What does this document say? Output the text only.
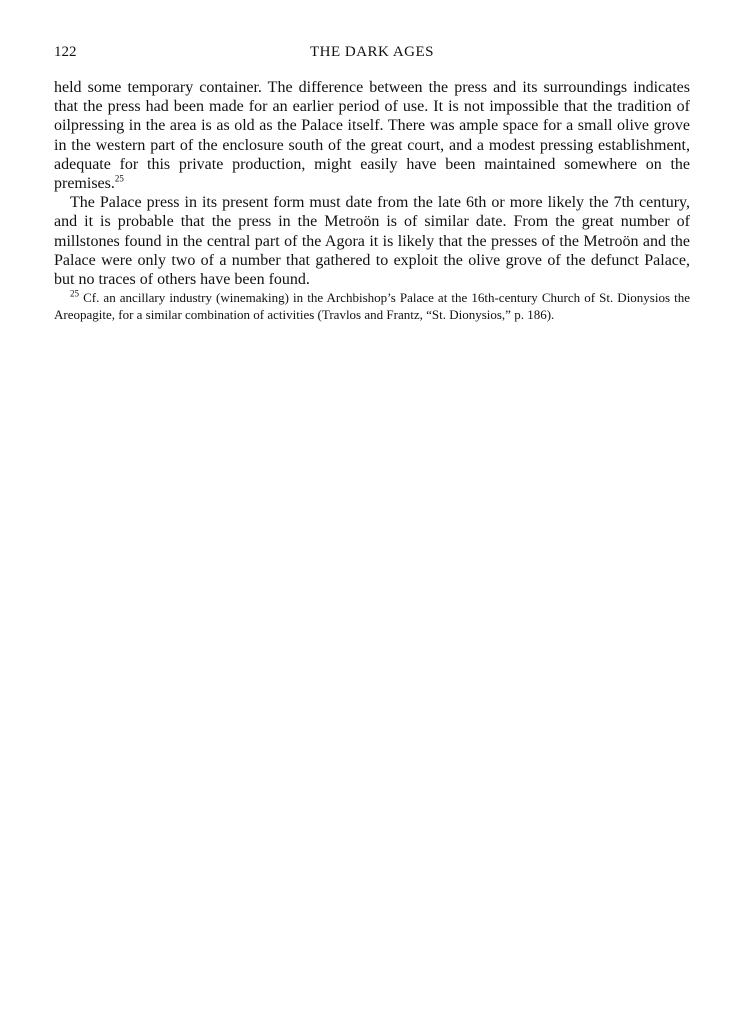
122	THE DARK AGES

held some temporary container. The difference between the press and its surroundings indicates that the press had been made for an earlier period of use. It is not impossible that the tradition of oilpressing in the area is as old as the Palace itself. There was ample space for a small olive grove in the western part of the enclosure south of the great court, and a modest pressing establishment, adequate for this private production, might easily have been maintained somewhere on the premises.$^{25}$

The Palace press in its present form must date from the late 6th or more likely the 7th century, and it is probable that the press in the Metroön is of similar date. From the great number of millstones found in the central part of the Agora it is likely that the presses of the Metroön and the Palace were only two of a number that gathered to exploit the olive grove of the defunct Palace, but no traces of others have been found.

$^{25}$ Cf. an ancillary industry (winemaking) in the Archbishop’s Palace at the 16th-century Church of St. Dionysios the Areopagite, for a similar combination of activities (Travlos and Frantz, “St. Dionysios,” p. 186).
